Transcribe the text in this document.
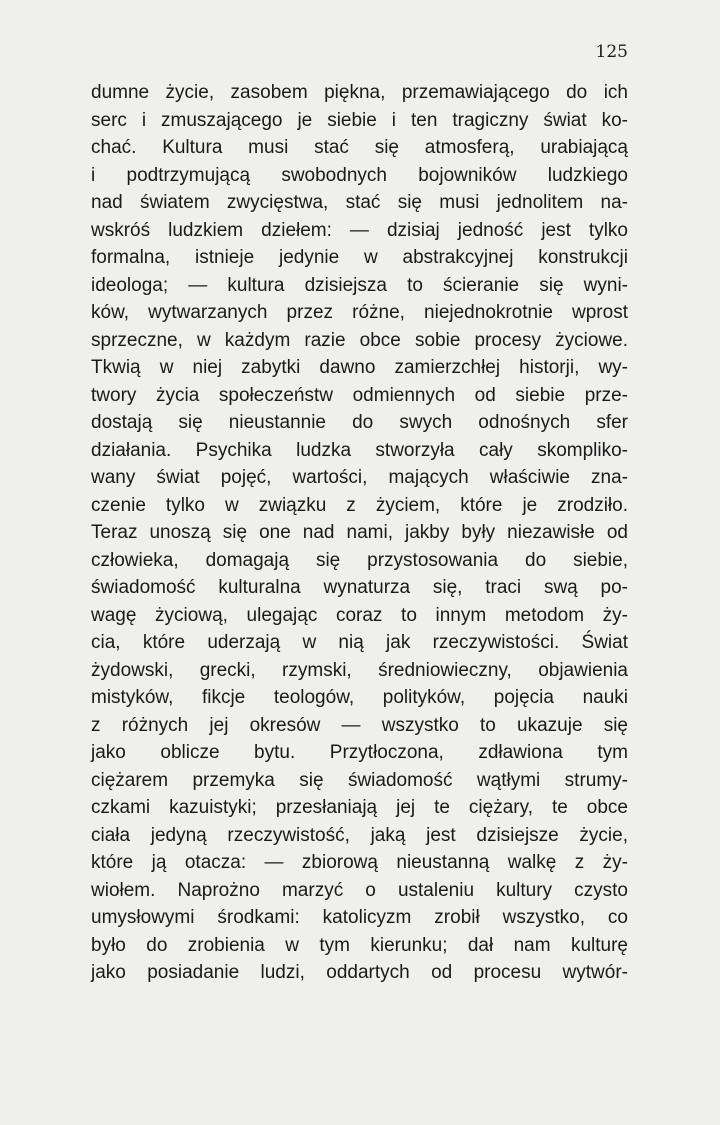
125
dumne życie, zasobem piękna, przemawiającego do ich
serc i zmuszającego je siebie i ten tragiczny świat ko-
chać. Kultura musi stać się atmosferą, urabiającą
i podtrzymującą swobodnych bojowników ludzkiego
nad światem zwycięstwa, stać się musi jednolitem na-
wskróś ludzkiem dziełem: — dzisiaj jedność jest tylko
formalna, istnieje jedynie w abstrakcyjnej konstrukcji
ideologa; — kultura dzisiejsza to ścieranie się wyni-
ków, wytwarzanych przez różne, niejednokrotnie wprost
sprzeczne, w każdym razie obce sobie procesy życiowe.
Tkwią w niej zabytki dawno zamierzchłej historji, wy-
twory życia społeczeństw odmiennych od siebie prze-
dostają się nieustannie do swych odnośnych sfer
działania. Psychika ludzka stworzyła cały skompliko-
wany świat pojęć, wartości, mających właściwie zna-
czenie tylko w związku z życiem, które je zrodziło.
Teraz unoszą się one nad nami, jakby były niezawisłe od
człowieka, domagają się przystosowania do siebie,
świadomość kulturalna wynaturza się, traci swą po-
wagę życiową, ulegając coraz to innym metodom ży-
cia, które uderzają w nią jak rzeczywistości. Świat
żydowski, grecki, rzymski, średniowieczny, objawienia
mistyków, fikcje teologów, polityków, pojęcia nauki
z różnych jej okresów — wszystko to ukazuje się
jako oblicze bytu. Przytłoczona, zdławiona tym
ciężarem przemyka się świadomość wątłymi strumy-
czkami kazuistyki; przesłaniają jej te ciężary, te obce
ciała jedyną rzeczywistość, jaką jest dzisiejsze życie,
które ją otacza: — zbiorową nieustanną walkę z ży-
wiołem. Naprożno marzyć o ustaleniu kultury czysto
umysłowymi środkami: katolicyzm zrobił wszystko, co
było do zrobienia w tym kierunku; dał nam kulturę
jako posiadanie ludzi, oddartych od procesu wytwór-
